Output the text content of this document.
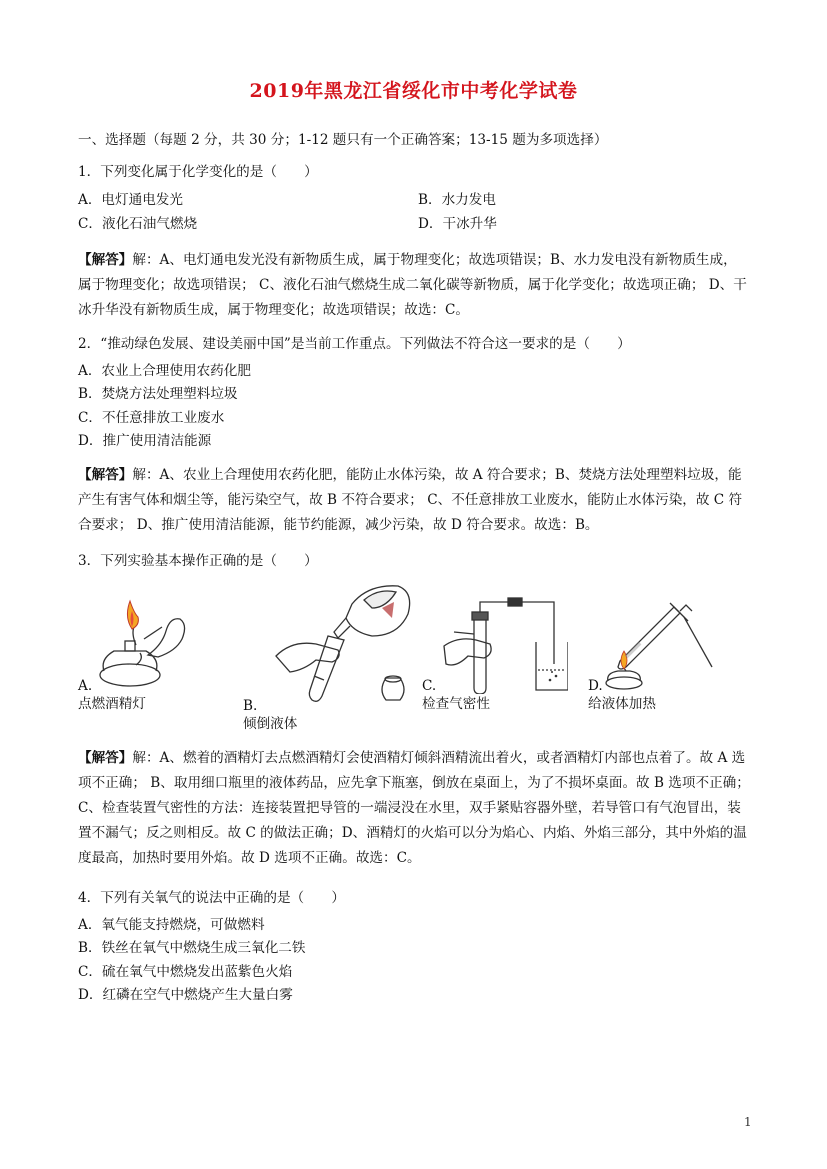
2019年黑龙江省绥化市中考化学试卷
一、选择题（每题 2 分，共 30 分；1-12 题只有一个正确答案；13-15 题为多项选择）
1．下列变化属于化学变化的是（　　）
A．电灯通电发光	B．水力发电
C．液化石油气燃烧	D．干冰升华
【解答】解：A、电灯通电发光没有新物质生成，属于物理变化；故选项错误；B、水力发电没有新物质生成，属于物理变化；故选项错误； C、液化石油气燃烧生成二氧化碳等新物质，属于化学变化；故选项正确； D、干冰升华没有新物质生成，属于物理变化；故选项错误；故选：C。
2．“推动绿色发展、建设美丽中国”是当前工作重点。下列做法不符合这一要求的是（　　）
A．农业上合理使用农药化肥
B．焚烧方法处理塑料垃圾
C．不任意排放工业废水
D．推广使用清洁能源
【解答】解：A、农业上合理使用农药化肥，能防止水体污染，故 A 符合要求；B、焚烧方法处理塑料垃圾，能产生有害气体和烟尘等，能污染空气，故 B 不符合要求； C、不任意排放工业废水，能防止水体污染，故 C 符合要求； D、推广使用清洁能源，能节约能源，减少污染，故 D 符合要求。故选：B。
3．下列实验基本操作正确的是（　　）
A.
点燃酒精灯	B.
倾倒液体
C.
检查气密性
D.
给液体加热
【解答】解：A、燃着的酒精灯去点燃酒精灯会使酒精灯倾斜酒精流出着火，或者酒精灯内部也点着了。故 A 选项不正确； B、取用细口瓶里的液体药品，应先拿下瓶塞，倒放在桌面上，为了不损坏桌面。故 B 选项不正确； C、检查装置气密性的方法：连接装置把导管的一端浸没在水里，双手紧贴容器外壁，若导管口有气泡冒出，装置不漏气；反之则相反。故 C 的做法正确；D、酒精灯的火焰可以分为焰心、内焰、外焰三部分，其中外焰的温度最高，加热时要用外焰。故 D 选项不正确。故选：C。
4．下列有关氧气的说法中正确的是（　　）
A．氧气能支持燃烧，可做燃料
B．铁丝在氧气中燃烧生成三氧化二铁
C．硫在氧气中燃烧发出蓝紫色火焰
D．红磷在空气中燃烧产生大量白雾
1
